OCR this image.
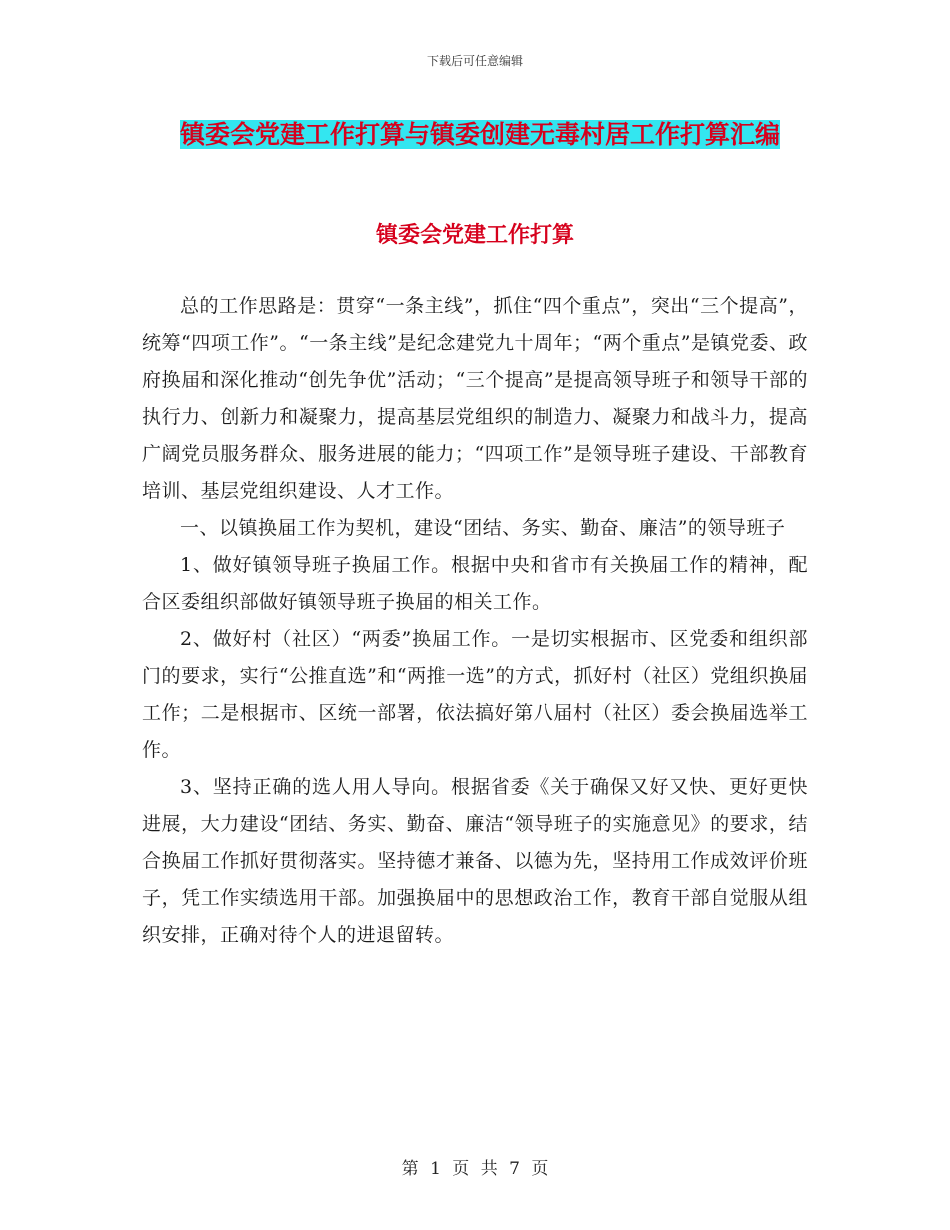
下载后可任意编辑
镇委会党建工作打算与镇委创建无毒村居工作打算汇编
镇委会党建工作打算

总的工作思路是：贯穿“一条主线”，抓住“四个重点”，突出“三个提高”，统筹“四项工作”。“一条主线”是纪念建党九十周年；“两个重点”是镇党委、政府换届和深化推动“创先争优”活动；“三个提高”是提高领导班子和领导干部的执行力、创新力和凝聚力，提高基层党组织的制造力、凝聚力和战斗力，提高广阔党员服务群众、服务进展的能力；“四项工作”是领导班子建设、干部教育培训、基层党组织建设、人才工作。

一、以镇换届工作为契机，建设“团结、务实、勤奋、廉洁”的领导班子

1、做好镇领导班子换届工作。根据中央和省市有关换届工作的精神，配合区委组织部做好镇领导班子换届的相关工作。

2、做好村（社区）“两委”换届工作。一是切实根据市、区党委和组织部门的要求，实行“公推直选”和“两推一选”的方式，抓好村（社区）党组织换届工作；二是根据市、区统一部署，依法搞好第八届村（社区）委会换届选举工作。

3、坚持正确的选人用人导向。根据省委《关于确保又好又快、更好更快进展，大力建设“团结、务实、勤奋、廉洁“领导班子的实施意见》的要求，结合换届工作抓好贯彻落实。坚持德才兼备、以德为先，坚持用工作成效评价班子，凭工作实绩选用干部。加强换届中的思想政治工作，教育干部自觉服从组织安排，正确对待个人的进退留转。

第 1 页 共 7 页
